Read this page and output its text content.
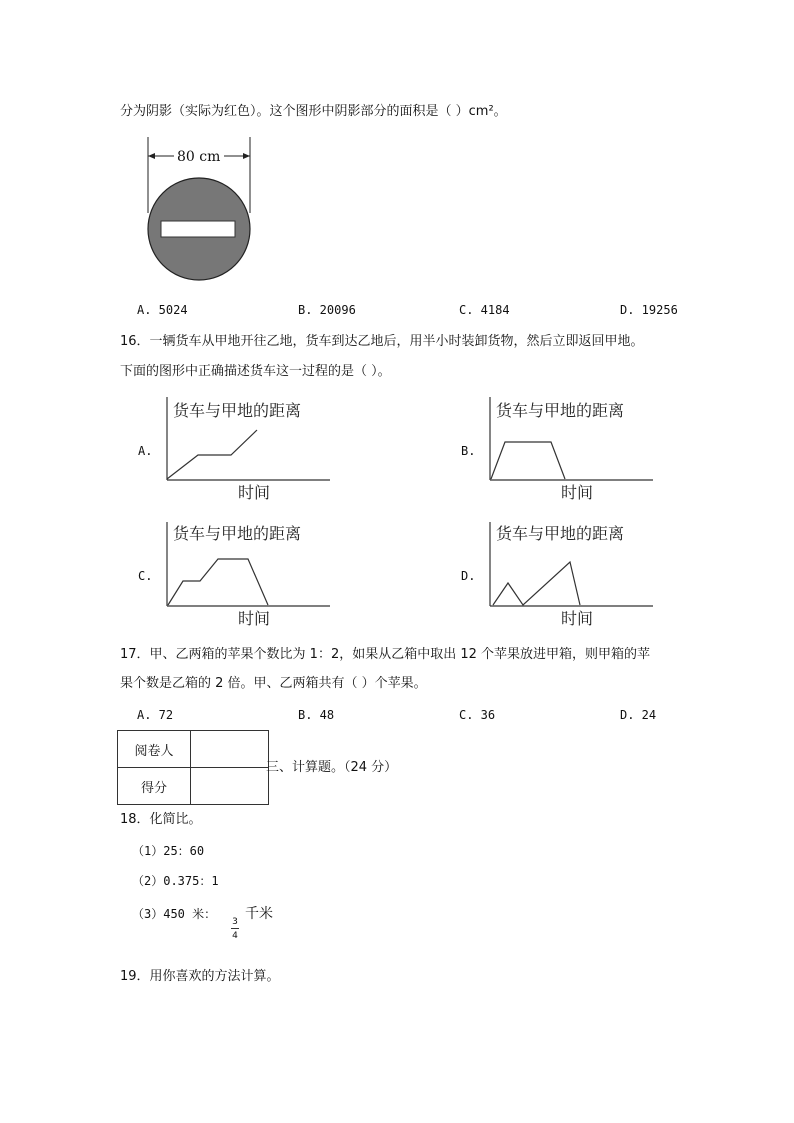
分为阴影（实际为红色）。这个图形中阴影部分的面积是（ ）cm²。
80 cm
A. 5024	B. 20096	C. 4184	D. 19256
16．一辆货车从甲地开往乙地，货车到达乙地后，用半小时装卸货物，然后立即返回甲地。
下面的图形中正确描述货车这一过程的是（ ）。
A.
货车与甲地的距离
时间
B.
货车与甲地的距离
时间
C.
货车与甲地的距离
时间
D.
货车与甲地的距离
时间
17．甲、乙两箱的苹果个数比为 1：2，如果从乙箱中取出 12 个苹果放进甲箱，则甲箱的苹
果个数是乙箱的 2 倍。甲、乙两箱共有（ ）个苹果。
A. 72	B. 48	C. 36	D. 24
阅卷人	
得分	
三、计算题。（24 分）
18．化简比。
（1）25：60
（2）0.375：1
（3）450 米：
3
4
千米
19．用你喜欢的方法计算。
